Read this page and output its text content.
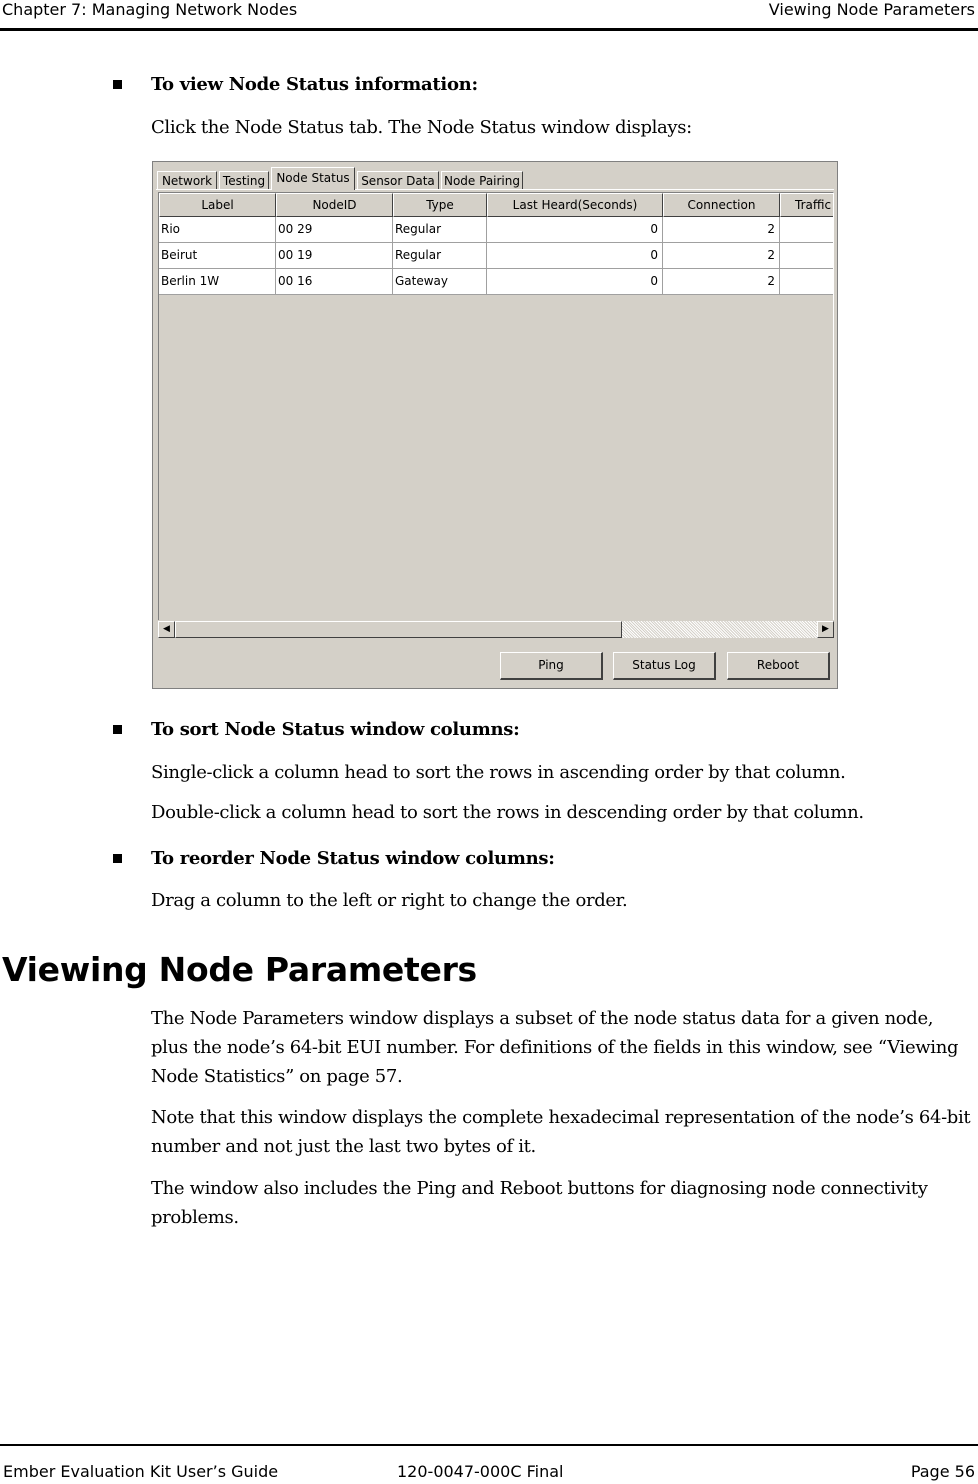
Chapter 7: Managing Network Nodes	Viewing Node Parameters
To view Node Status information:
Click the Node Status tab. The Node Status window displays:
Network Testing Node Status Sensor Data Node Pairing
Label	NodeID	Type	Last Heard(Seconds)	Connection	Traffic
Rio	00 29	Regular	0	2
Beirut	00 19	Regular	0	2
Berlin 1W	00 16	Gateway	0	2
◀	▶
Ping	Status Log	Reboot
To sort Node Status window columns:
Single-click a column head to sort the rows in ascending order by that column.
Double-click a column head to sort the rows in descending order by that column.
To reorder Node Status window columns:
Drag a column to the left or right to change the order.
Viewing Node Parameters
The Node Parameters window displays a subset of the node status data for a given node, plus the node’s 64-bit EUI number. For definitions of the fields in this window, see “Viewing Node Statistics” on page 57.
Note that this window displays the complete hexadecimal representation of the node’s 64-bit number and not just the last two bytes of it.
The window also includes the Ping and Reboot buttons for diagnosing node connectivity problems.
Ember Evaluation Kit User’s Guide	120-0047-000C Final	Page 56
